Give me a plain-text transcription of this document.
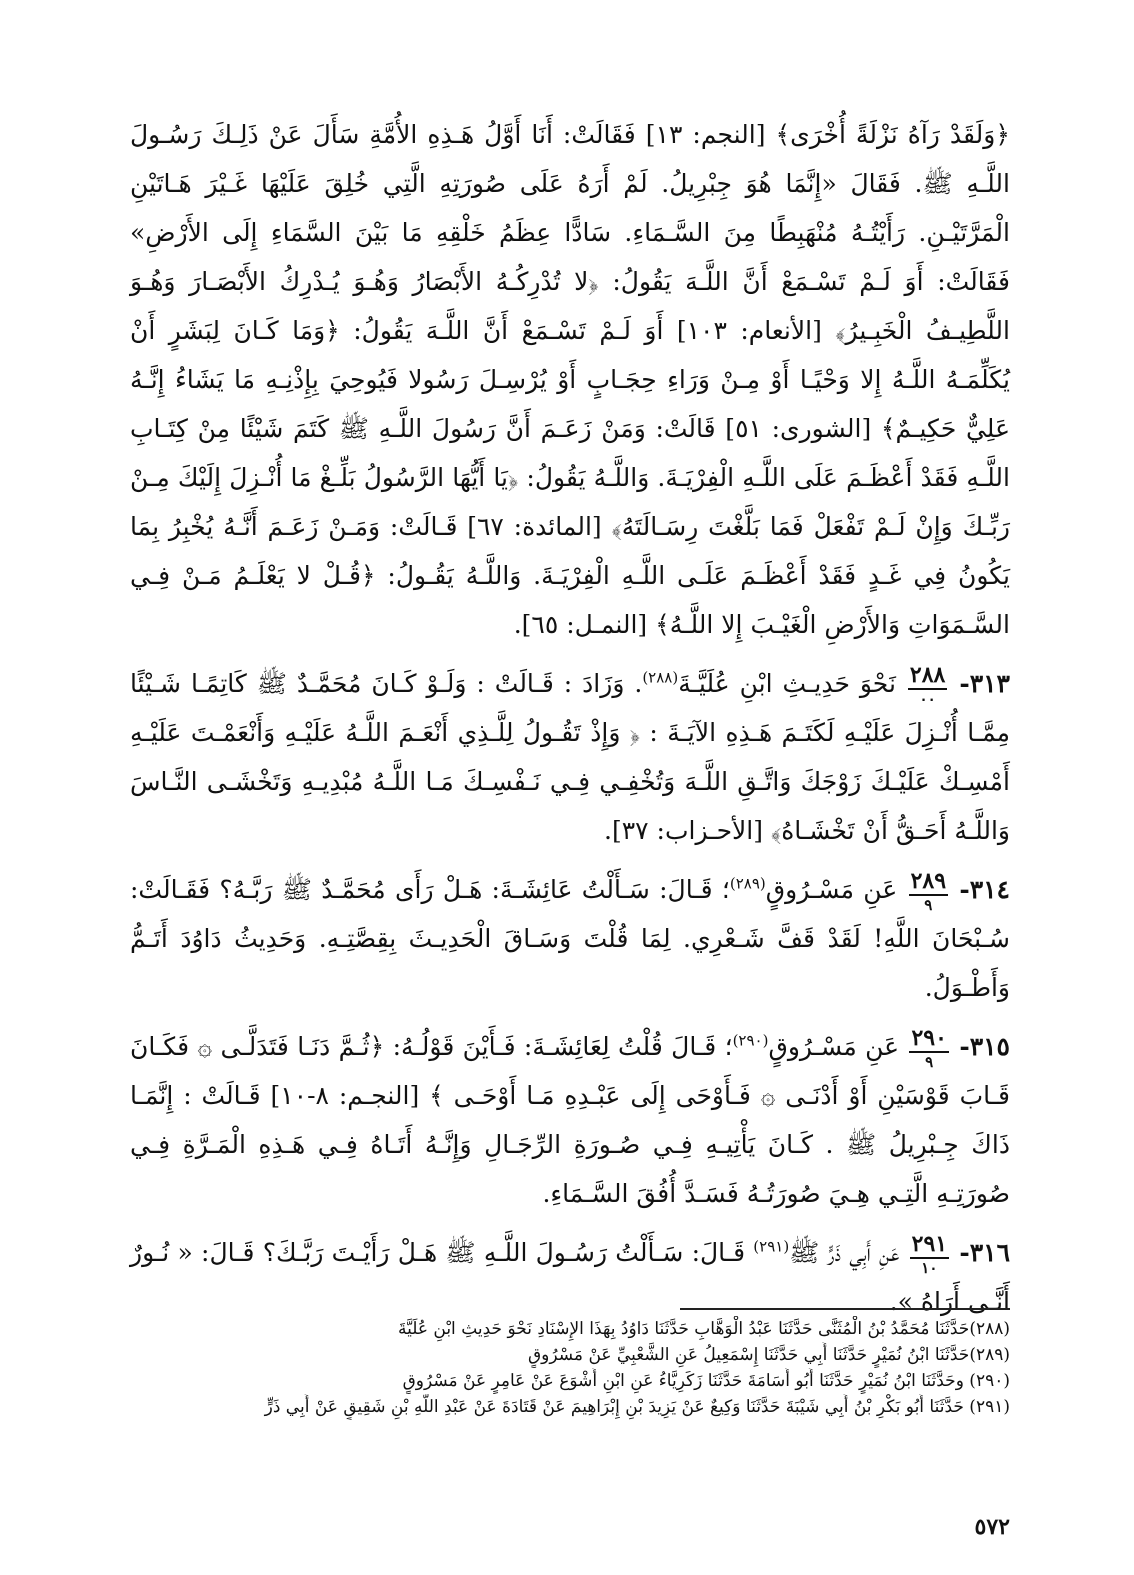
﴿وَلَقَدْ رَآهُ نَزْلَةً أُخْرَى﴾ [النجم: ١٣] فَقَالَتْ: أَنَا أَوَّلُ هَـذِهِ الأُمَّةِ سَأَلَ عَنْ ذَلِـكَ رَسُـولَ اللَّـهِ ﷺ. فَقَالَ «إِنَّمَا هُوَ جِبْرِيلُ. لَمْ أَرَهُ عَلَى صُورَتِهِ الَّتِي خُلِقَ عَلَيْهَا غَـيْرَ هَـاتَيْنِ الْمَرَّتَيْـنِ. رَأَيْتُـهُ مُنْهَبِطًا مِنَ السَّـمَاءِ. سَادًّا عِظَمُ خَلْقِهِ مَا بَيْنَ السَّمَاءِ إِلَى الأَرْضِ» فَقَالَتْ: أَوَ لَـمْ تَسْـمَعْ أَنَّ اللَّـهَ يَقُولُ: ﴿لا تُدْرِكُـهُ الأَبْصَارُ وَهُـوَ يُـدْرِكُ الأَبْصَـارَ وَهُـوَ اللَّطِيـفُ الْخَبِـيرُ﴾ [الأنعام: ١٠٣] أَوَ لَـمْ تَسْـمَعْ أَنَّ اللَّـهَ يَقُولُ: ﴿وَمَا كَـانَ لِبَشَرٍ أَنْ يُكَلِّمَـهُ اللَّـهُ إِلا وَحْيًـا أَوْ مِـنْ وَرَاءِ حِجَـابٍ أَوْ يُرْسِـلَ رَسُولا فَيُوحِيَ بِإِذْنِـهِ مَا يَشَاءُ إِنَّـهُ عَلِيٌّ حَكِيـمٌ﴾ [الشورى: ٥١] قَالَتْ: وَمَنْ زَعَـمَ أَنَّ رَسُولَ اللَّـهِ ﷺ كَتَمَ شَيْئًا مِنْ كِتَـابِ اللَّـهِ فَقَدْ أَعْظَـمَ عَلَى اللَّـهِ الْفِرْيَـةَ. وَاللَّـهُ يَقُولُ: ﴿يَا أَيُّهَا الرَّسُولُ بَلِّـغْ مَا أُنْـزِلَ إِلَيْكَ مِـنْ رَبِّـكَ وَإِنْ لَـمْ تَفْعَلْ فَمَا بَلَّغْتَ رِسَـالَتَهُ﴾ [المائدة: ٦٧] قَـالَتْ: وَمَـنْ زَعَـمَ أَنَّـهُ يُخْبِرُ بِمَا يَكُونُ فِي غَـدٍ فَقَدْ أَعْظَـمَ عَلَـى اللَّـهِ الْفِرْيَـةَ. وَاللَّـهُ يَقُـولُ: ﴿قُـلْ لا يَعْلَـمُ مَـنْ فِـي السَّـمَوَاتِ وَالأَرْضِ الْغَيْـبَ إِلا اللَّـهُ﴾ [النمـل: ٦٥].

٣١٣-
٢٨٨
٠٠
نَحْوَ حَدِيـثِ ابْنِ عُلَيَّـةَ$^{(٢٨٨)}$. وَزَادَ : قَـالَتْ : وَلَـوْ كَـانَ مُحَمَّـدٌ ﷺ كَاتِمًـا شَـيْئًا مِمَّـا أُنْـزِلَ عَلَيْـهِ لَكَتَـمَ هَـذِهِ الآيَـةَ : ﴿ وَإِذْ تَقُـولُ لِلَّـذِي أَنْعَـمَ اللَّـهُ عَلَيْـهِ وَأَنْعَمْـتَ عَلَيْـهِ أَمْسِـكْ عَلَيْـكَ زَوْجَكَ وَاتَّـقِ اللَّـهَ وَتُخْفِـي فِـي نَـفْسِـكَ مَـا اللَّـهُ مُبْدِيـهِ وَتَخْشَـى النَّـاسَ وَاللَّـهُ أَحَـقُّ أَنْ تَخْشَـاهُ﴾ [الأحـزاب: ٣٧].

٣١٤-
٢٨٩
٩
عَنِ مَسْـرُوقٍ$^{(٢٨٩)}$؛ قَـالَ: سَـأَلْتُ عَائِشَـةَ: هَـلْ رَأَى مُحَمَّـدٌ ﷺ رَبَّـهُ؟ فَقَـالَتْ: سُـبْحَانَ اللَّهِ! لَقَدْ قَفَّ شَـعْرِي. لِمَا قُلْتَ وَسَـاقَ الْحَدِيـثَ بِقِصَّتِـهِ. وَحَدِيثُ دَاوُدَ أَتَـمُّ وَأَطْـوَلُ.

٣١٥-
٢٩٠
٩
عَنِ مَسْـرُوقٍ$^{(٢٩٠)}$؛ قَـالَ قُلْتُ لِعَائِشَـةَ: فَـأَيْنَ قَوْلُـهُ: ﴿ثُـمَّ دَنَـا فَتَدَلَّـى ۞ فَكَـانَ قَـابَ قَوْسَيْنِ أَوْ أَدْنَـى ۞ فَـأَوْحَى إِلَى عَبْـدِهِ مَـا أَوْحَـى ﴾ [النجـم: ٨-١٠] قَـالَتْ : إِنَّمَـا ذَاكَ جِـبْرِيلُ ﷺ . كَـانَ يَأْتِيـهِ فِـي صُـورَةِ الرِّجَـالِ وَإِنَّـهُ أَتَـاهُ فِـي هَـذِهِ الْمَـرَّةِ فِـي صُورَتِـهِ الَّتِـي هِـيَ صُورَتُـهُ فَسَـدَّ أُفُقَ السَّـمَاءِ.

٣١٦-
٢٩١
١٠
عَنِ أَبِي ذَرٍّ ﷺ$^{(٢٩١)}$ قَـالَ: سَـأَلْتُ رَسُـولَ اللَّـهِ ﷺ هَـلْ رَأَيْـتَ رَبَّـكَ؟ قَـالَ: « نُـورٌ أَنَّـى أَرَاهُ ».

(٢٨٨)حَدَّثَنَا مُحَمَّدُ بْنُ الْمُثَنَّى حَدَّثَنَا عَبْدُ الْوَهَّابِ حَدَّثَنَا دَاوُدُ بِهَذَا الإِسْنَادِ نَحْوَ حَدِيثِ ابْنِ عُلَيَّةَ

(٢٨٩)حَدَّثَنَا ابْنُ نُمَيْرٍ حَدَّثَنَا أَبِي حَدَّثَنَا إِسْمَعِيلُ عَنِ الشَّعْبِيِّ عَنْ مَسْرُوقٍ

(٢٩٠) وحَدَّثَنَا ابْنُ نُمَيْرٍ حَدَّثَنَا أَبُو أُسَامَةَ حَدَّثَنَا زَكَرِيَّاءُ عَنِ ابْنِ أَشْوَعَ عَنْ عَامِرٍ عَنْ مَسْرُوقٍ

(٢٩١) حَدَّثَنَا أَبُو بَكْرِ بْنُ أَبِي شَيْبَةَ حَدَّثَنَا وَكِيعٌ عَنْ يَزِيدَ بْنِ إِبْرَاهِيمَ عَنْ قَتَادَةَ عَنْ عَبْدِ اللَّهِ بْنِ شَقِيقٍ عَنْ أَبِي ذَرٍّ

٥٧٢
